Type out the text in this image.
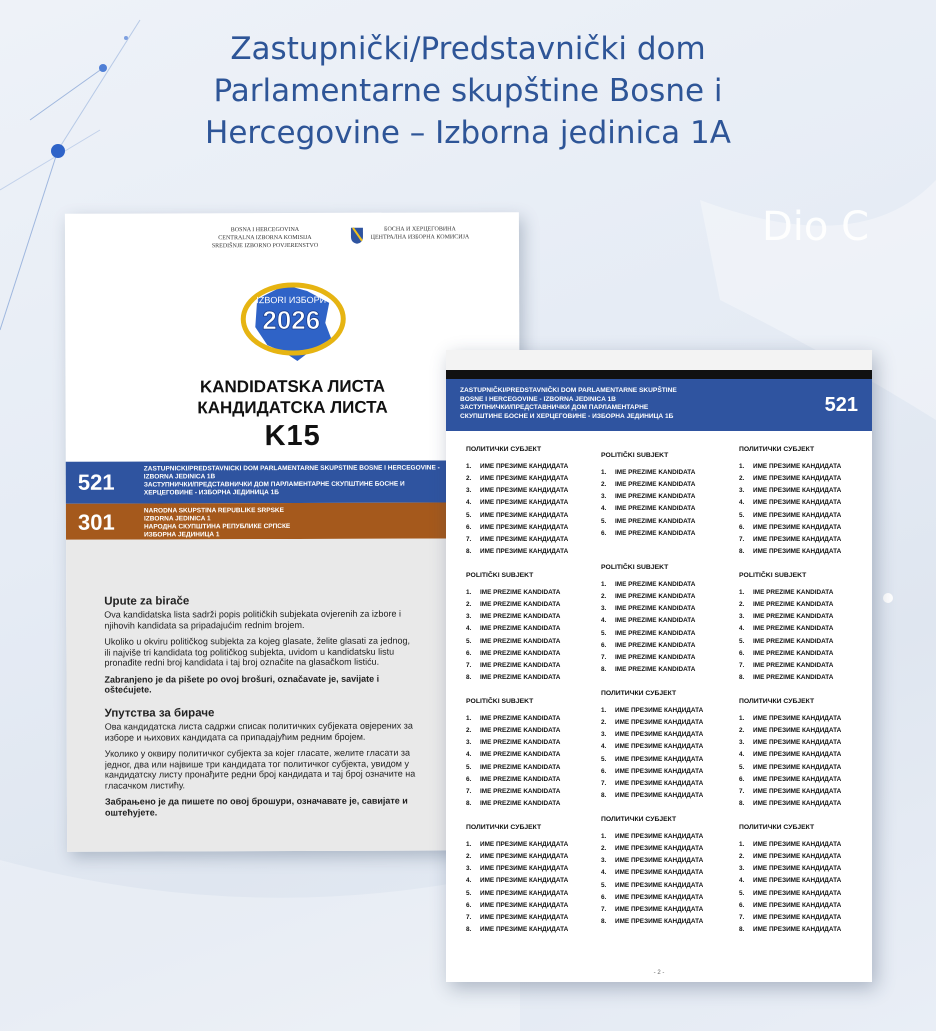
Zastupnički/Predstavnički dom
Parlamentarne skupštine Bosne i
Hercegovine – Izborna jedinica 1A
Dio C
BOSNA I HERCEGOVINA
CENTRALNA IZBORNA KOMISIJA
SREDIŠNJE IZBORNO POVJERENSTVO
БОСНА И ХЕРЦЕГОВИНА
ЦЕНТРАЛНА ИЗБОРНА КОМИСИЈА
IZBORI ИЗБОРИ
2026
KANDIDATSKA ЛИСТА
КАНДИДАТСКА ЛИСТА
K15
521
ZASTUPNIČKI/PREDSTAVNIČKI DOM PARLAMENTARNE SKUPŠTINE BOSNE I HERCEGOVINE -
IZBORNA JEDINICA 1B
ЗАСТУПНИЧКИ/ПРЕДСТАВНИЧКИ ДОМ ПАРЛАМЕНТАРНЕ СКУПШТИНЕ БОСНЕ И
ХЕРЦЕГОВИНЕ - ИЗБОРНА ЈЕДИНИЦА 1Б
301	NARODNA SKUPŠTINA REPUBLIKE SRPSKE
IZBORNA JEDINICA 1
НАРОДНА СКУПШТИНА РЕПУБЛИКЕ СРПСКЕ
ИЗБОРНА ЈЕДИНИЦА 1
Upute za birače

Ova kandidatska lista sadrži popis političkih subjekata ovjerenih za izbore i
njihovih kandidata sa pripadajućim rednim brojem.

Ukoliko u okviru političkog subjekta za kojeg glasate, želite glasati za jednog,
ili najviše tri kandidata tog političkog subjekta, uvidom u kandidatsku listu
pronađite redni broj kandidata i taj broj označite na glasačkom listiću.

Zabranjeno je da pišete po ovoj brošuri, označavate je, savijate i
oštećujete.

Упутства за бираче

Ова кандидатска листа садржи списак политичких субјеката овјерених за
изборе и њихових кандидата са припадајућим редним бројем.

Уколико у оквиру политичког субјекта за којег гласате, желите гласати за
једног, два или највише три кандидата тог политичког субјекта, увидом у
кандидатску листу пронађите редни број кандидата и тај број означите на
гласачком листићу.

Забрањено је да пишете по овој брошури, означавате је, савијате и
оштећујете.

ZASTUPNIČKI/PREDSTAVNIČKI DOM PARLAMENTARNE SKUPŠTINE
BOSNE I HERCEGOVINE - IZBORNA JEDINICA 1B
ЗАСТУПНИЧКИ/ПРЕДСТАВНИЧКИ ДОМ ПАРЛАМЕНТАРНЕ
СКУПШТИНЕ БОСНЕ И ХЕРЦЕГОВИНЕ - ИЗБОРНА ЈЕДИНИЦА 1Б	521
ПОЛИТИЧКИ СУБЈЕКТ
1. ИМЕ ПРЕЗИМЕ КАНДИДАТА
2. ИМЕ ПРЕЗИМЕ КАНДИДАТА
3. ИМЕ ПРЕЗИМЕ КАНДИДАТА
4. ИМЕ ПРЕЗИМЕ КАНДИДАТА
5. ИМЕ ПРЕЗИМЕ КАНДИДАТА
6. ИМЕ ПРЕЗИМЕ КАНДИДАТА
7. ИМЕ ПРЕЗИМЕ КАНДИДАТА
8. ИМЕ ПРЕЗИМЕ КАНДИДАТА
POLITIČKI SUBJEKT
1. IME PREZIME KANDIDATA
2. IME PREZIME KANDIDATA
3. IME PREZIME KANDIDATA
4. IME PREZIME KANDIDATA
5. IME PREZIME KANDIDATA
6. IME PREZIME KANDIDATA
7. IME PREZIME KANDIDATA
8. IME PREZIME KANDIDATA
POLITIČKI SUBJEKT
1. IME PREZIME KANDIDATA
2. IME PREZIME KANDIDATA
3. IME PREZIME KANDIDATA
4. IME PREZIME KANDIDATA
5. IME PREZIME KANDIDATA
6. IME PREZIME KANDIDATA
7. IME PREZIME KANDIDATA
8. IME PREZIME KANDIDATA
ПОЛИТИЧКИ СУБЈЕКТ
1. ИМЕ ПРЕЗИМЕ КАНДИДАТА
2. ИМЕ ПРЕЗИМЕ КАНДИДАТА
3. ИМЕ ПРЕЗИМЕ КАНДИДАТА
4. ИМЕ ПРЕЗИМЕ КАНДИДАТА
5. ИМЕ ПРЕЗИМЕ КАНДИДАТА
6. ИМЕ ПРЕЗИМЕ КАНДИДАТА
7. ИМЕ ПРЕЗИМЕ КАНДИДАТА
8. ИМЕ ПРЕЗИМЕ КАНДИДАТА
POLITIČKI SUBJEKT
1. IME PREZIME KANDIDATA
2. IME PREZIME KANDIDATA
3. IME PREZIME KANDIDATA
4. IME PREZIME KANDIDATA
5. IME PREZIME KANDIDATA
6. IME PREZIME KANDIDATA
POLITIČKI SUBJEKT
1. IME PREZIME KANDIDATA
2. IME PREZIME KANDIDATA
3. IME PREZIME KANDIDATA
4. IME PREZIME KANDIDATA
5. IME PREZIME KANDIDATA
6. IME PREZIME KANDIDATA
7. IME PREZIME KANDIDATA
8. IME PREZIME KANDIDATA
ПОЛИТИЧКИ СУБЈЕКТ
1. ИМЕ ПРЕЗИМЕ КАНДИДАТА
2. ИМЕ ПРЕЗИМЕ КАНДИДАТА
3. ИМЕ ПРЕЗИМЕ КАНДИДАТА
4. ИМЕ ПРЕЗИМЕ КАНДИДАТА
5. ИМЕ ПРЕЗИМЕ КАНДИДАТА
6. ИМЕ ПРЕЗИМЕ КАНДИДАТА
7. ИМЕ ПРЕЗИМЕ КАНДИДАТА
8. ИМЕ ПРЕЗИМЕ КАНДИДАТА
ПОЛИТИЧКИ СУБЈЕКТ
1. ИМЕ ПРЕЗИМЕ КАНДИДАТА
2. ИМЕ ПРЕЗИМЕ КАНДИДАТА
3. ИМЕ ПРЕЗИМЕ КАНДИДАТА
4. ИМЕ ПРЕЗИМЕ КАНДИДАТА
5. ИМЕ ПРЕЗИМЕ КАНДИДАТА
6. ИМЕ ПРЕЗИМЕ КАНДИДАТА
7. ИМЕ ПРЕЗИМЕ КАНДИДАТА
8. ИМЕ ПРЕЗИМЕ КАНДИДАТА
ПОЛИТИЧКИ СУБЈЕКТ
1. ИМЕ ПРЕЗИМЕ КАНДИДАТА
2. ИМЕ ПРЕЗИМЕ КАНДИДАТА
3. ИМЕ ПРЕЗИМЕ КАНДИДАТА
4. ИМЕ ПРЕЗИМЕ КАНДИДАТА
5. ИМЕ ПРЕЗИМЕ КАНДИДАТА
6. ИМЕ ПРЕЗИМЕ КАНДИДАТА
7. ИМЕ ПРЕЗИМЕ КАНДИДАТА
8. ИМЕ ПРЕЗИМЕ КАНДИДАТА
POLITIČKI SUBJEKT
1. IME PREZIME KANDIDATA
2. IME PREZIME KANDIDATA
3. IME PREZIME KANDIDATA
4. IME PREZIME KANDIDATA
5. IME PREZIME KANDIDATA
6. IME PREZIME KANDIDATA
7. IME PREZIME KANDIDATA
8. IME PREZIME KANDIDATA
ПОЛИТИЧКИ СУБЈЕКТ
1. ИМЕ ПРЕЗИМЕ КАНДИДАТА
2. ИМЕ ПРЕЗИМЕ КАНДИДАТА
3. ИМЕ ПРЕЗИМЕ КАНДИДАТА
4. ИМЕ ПРЕЗИМЕ КАНДИДАТА
5. ИМЕ ПРЕЗИМЕ КАНДИДАТА
6. ИМЕ ПРЕЗИМЕ КАНДИДАТА
7. ИМЕ ПРЕЗИМЕ КАНДИДАТА
8. ИМЕ ПРЕЗИМЕ КАНДИДАТА
ПОЛИТИЧКИ СУБЈЕКТ
1. ИМЕ ПРЕЗИМЕ КАНДИДАТА
2. ИМЕ ПРЕЗИМЕ КАНДИДАТА
3. ИМЕ ПРЕЗИМЕ КАНДИДАТА
4. ИМЕ ПРЕЗИМЕ КАНДИДАТА
5. ИМЕ ПРЕЗИМЕ КАНДИДАТА
6. ИМЕ ПРЕЗИМЕ КАНДИДАТА
7. ИМЕ ПРЕЗИМЕ КАНДИДАТА
8. ИМЕ ПРЕЗИМЕ КАНДИДАТА
- 2 -
